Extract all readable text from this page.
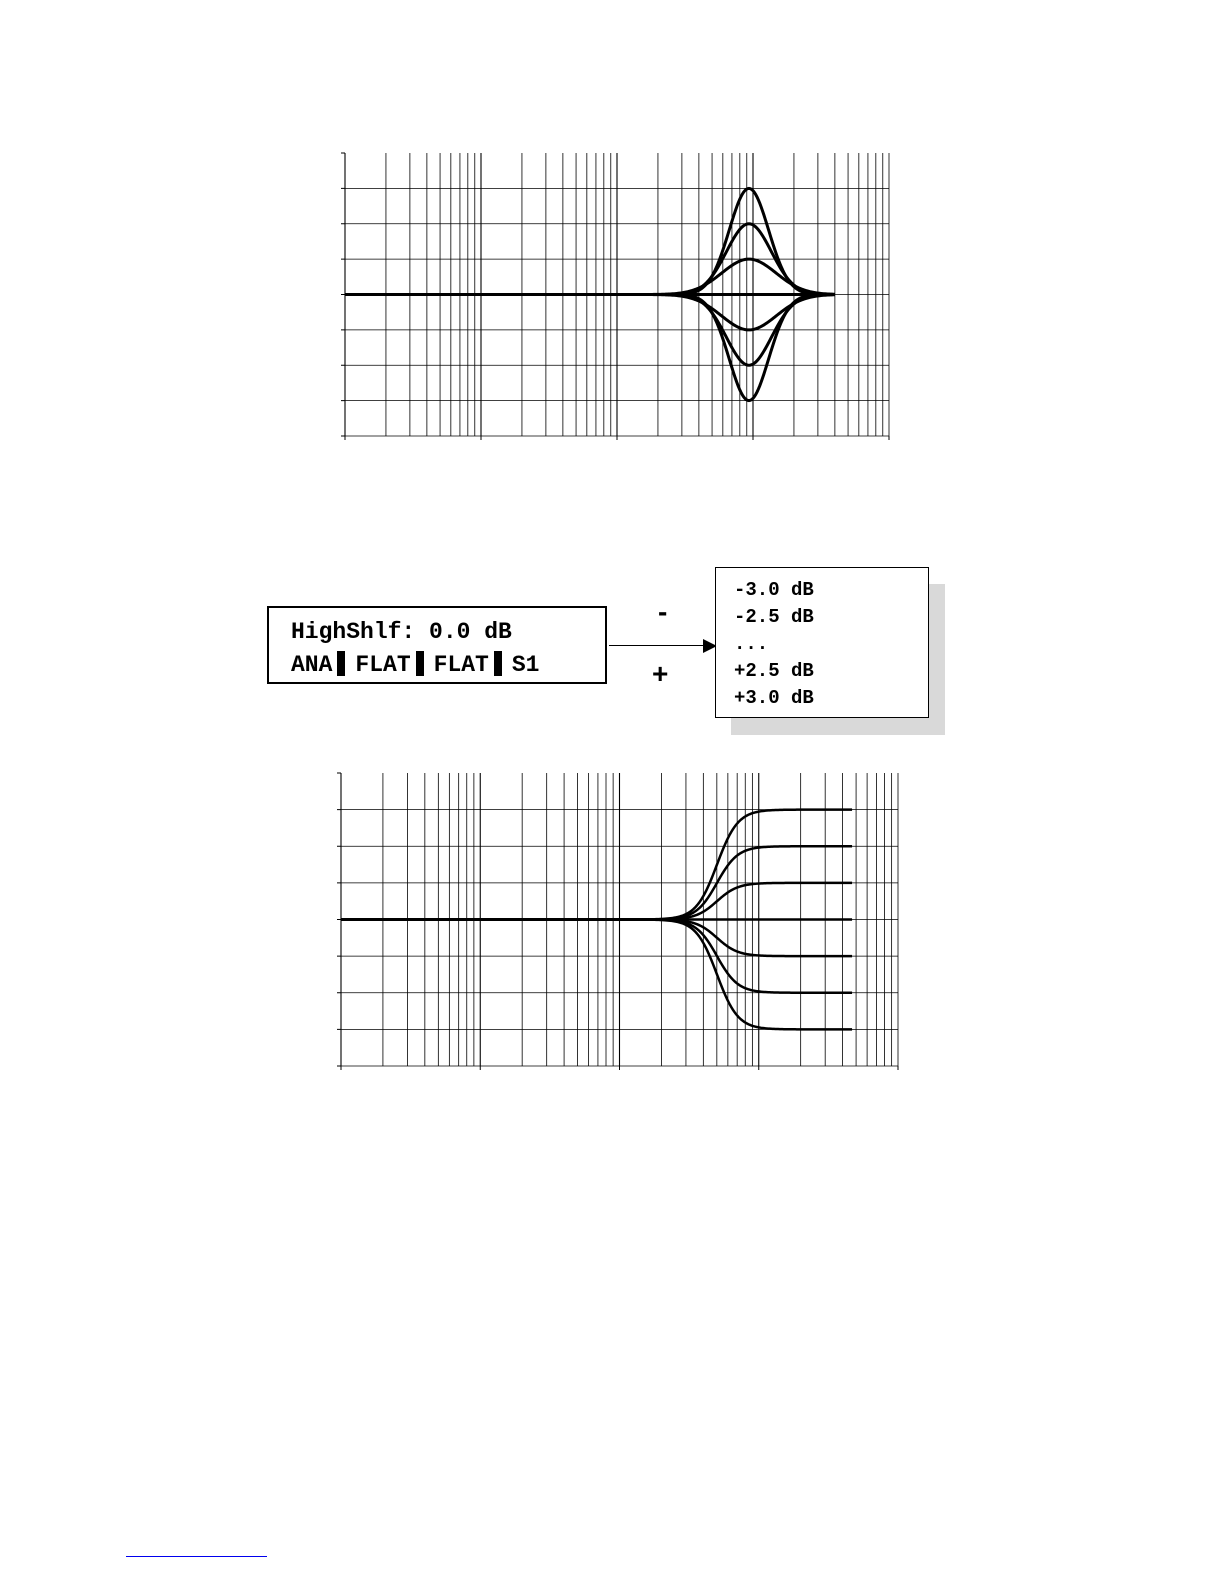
HighShlf: 0.0 dB
ANA FLAT FLAT S1
-
+
-3.0 dB
-2.5 dB
...
+2.5 dB
+3.0 dB
